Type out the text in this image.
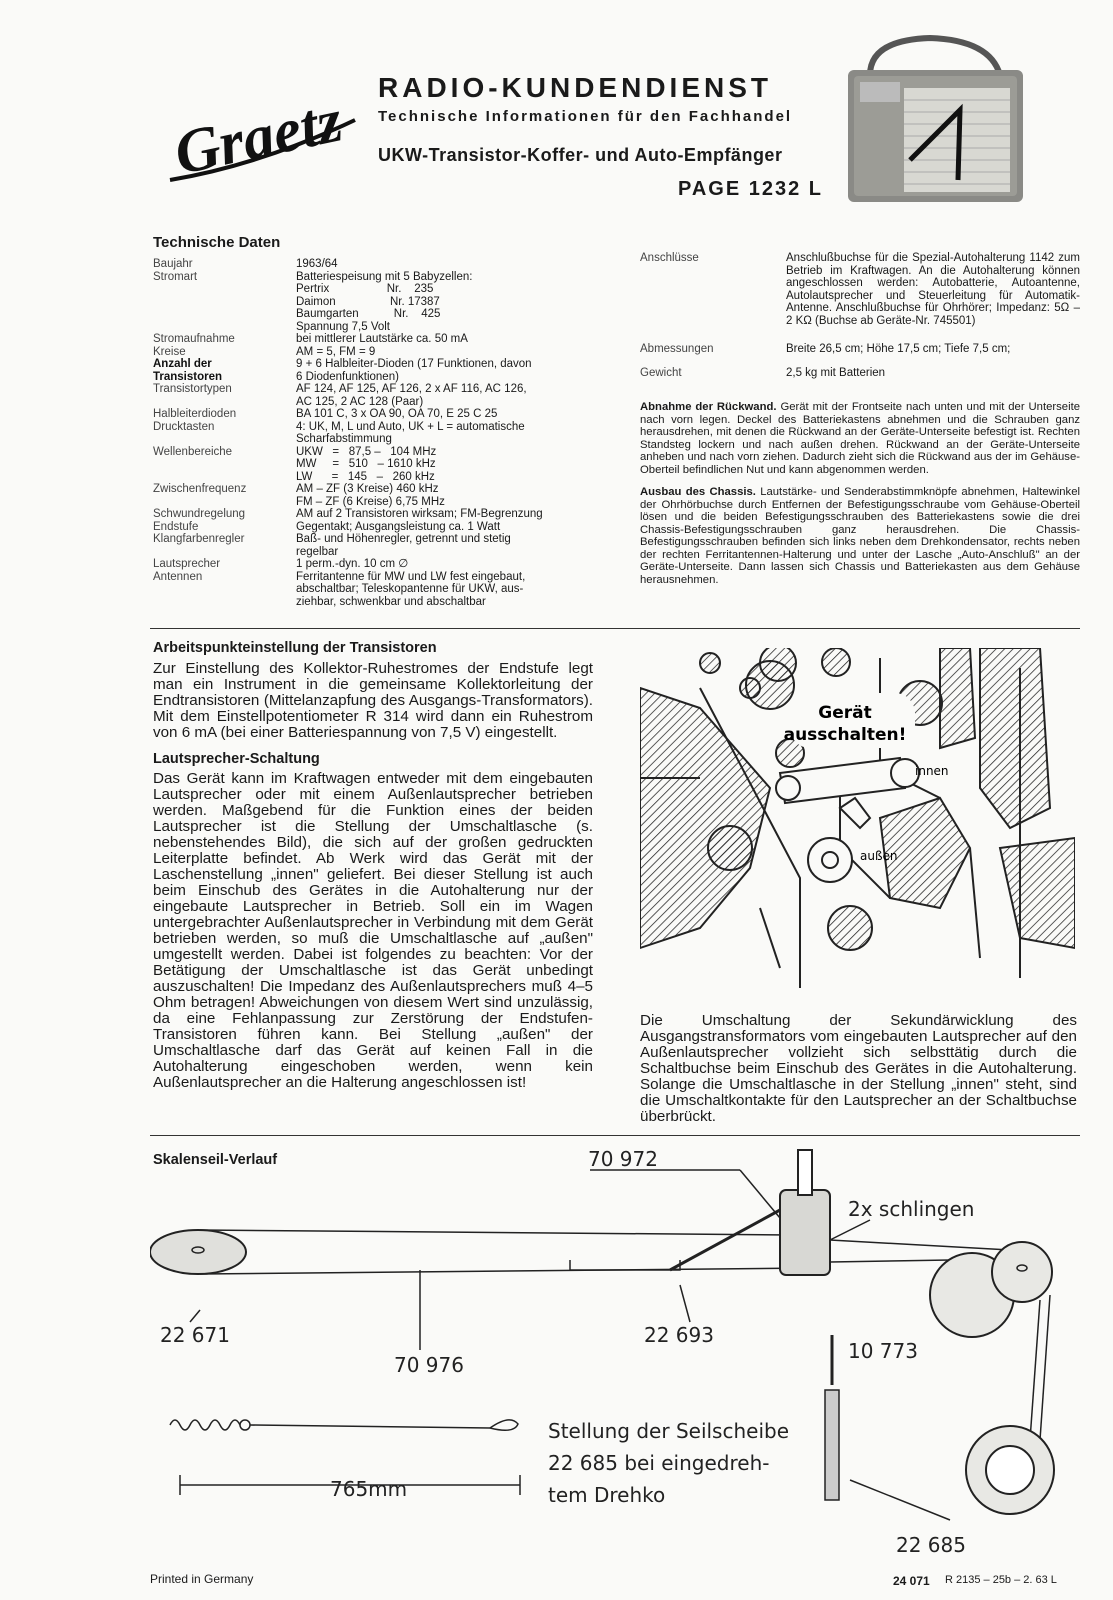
Graetz RADIO-KUNDENDIENST
Technische Informationen für den Fachhandel
UKW-Transistor-Koffer- und Auto-Empfänger
PAGE 1232 L
Technische Daten
Baujahr	1963/64
Stromart	Batteriespeisung mit 5 Babyzellen:
Pertrix                  Nr.    235
Daimon                 Nr. 17387
Baumgarten           Nr.    425
Spannung 7,5 Volt
Stromaufnahme	bei mittlerer Lautstärke ca. 50 mA
Kreise	AM = 5, FM = 9
Anzahl der	9 + 6 Halbleiter-Dioden (17 Funktionen, davon
Transistoren	6 Diodenfunktionen)
Transistortypen	AF 124, AF 125, AF 126, 2 x AF 116, AC 126,
AC 125, 2 AC 128 (Paar)
Halbleiterdioden	BA 101 C, 3 x OA 90, OA 70, E 25 C 25
Drucktasten	4: UK, M, L und Auto, UK + L = automatische
Scharfabstimmung
Wellenbereiche	UKW   =   87,5 –   104 MHz
MW     =   510   – 1610 kHz
LW      =   145   –   260 kHz
Zwischenfrequenz	AM – ZF (3 Kreise) 460 kHz
FM – ZF (6 Kreise) 6,75 MHz
Schwundregelung	AM auf 2 Transistoren wirksam; FM-Begrenzung
Endstufe	Gegentakt; Ausgangsleistung ca. 1 Watt
Klangfarbenregler	Baß- und Höhenregler, getrennt und stetig
regelbar
Lautsprecher	1 perm.-dyn. 10 cm ∅
Antennen	Ferritantenne für MW und LW fest eingebaut,
abschaltbar; Teleskopantenne für UKW, aus-
ziehbar, schwenkbar und abschaltbar
Anschlüsse	Anschlußbuchse für die Spezial-Autohalterung 1142 zum Betrieb im Kraftwagen. An die Autohalterung können angeschlossen werden: Autobatterie, Autoantenne, Autolautsprecher und Steuerleitung für Automatik-Antenne. Anschlußbuchse für Ohrhörer; Impedanz: 5Ω – 2 KΩ (Buchse ab Geräte-Nr. 745501)
Abmessungen	Breite 26,5 cm; Höhe 17,5 cm; Tiefe 7,5 cm;
Gewicht	2,5 kg mit Batterien
Abnahme der Rückwand. Gerät mit der Frontseite nach unten und mit der Unterseite nach vorn legen. Deckel des Batteriekastens abnehmen und die Schrauben ganz herausdrehen, mit denen die Rückwand an der Geräte-Unterseite befestigt ist. Rechten Standsteg lockern und nach außen drehen. Rückwand an der Geräte-Unterseite anheben und nach vorn ziehen. Dadurch zieht sich die Rückwand aus der im Gehäuse-Oberteil befindlichen Nut und kann abgenommen werden.
Ausbau des Chassis. Lautstärke- und Senderabstimmknöpfe abnehmen, Haltewinkel der Ohrhörbuchse durch Entfernen der Befestigungsschraube vom Gehäuse-Oberteil lösen und die beiden Befestigungsschrauben des Batteriekastens sowie die drei Chassis-Befestigungsschrauben ganz herausdrehen. Die Chassis-Befestigungsschrauben befinden sich links neben dem Drehkondensator, rechts neben der rechten Ferritantennen-Halterung und unter der Lasche „Auto-Anschluß" an der Geräte-Unterseite. Dann lassen sich Chassis und Batteriekasten aus dem Gehäuse herausnehmen.
Arbeitspunkteinstellung der Transistoren
Zur Einstellung des Kollektor-Ruhestromes der Endstufe legt man ein Instrument in die gemeinsame Kollektorleitung der Endtransistoren (Mittelanzapfung des Ausgangs-Transformators). Mit dem Einstellpotentiometer R 314 wird dann ein Ruhestrom von 6 mA (bei einer Batteriespannung von 7,5 V) eingestellt.
Lautsprecher-Schaltung
Das Gerät kann im Kraftwagen entweder mit dem eingebauten Lautsprecher oder mit einem Außenlautsprecher betrieben werden. Maßgebend für die Funktion eines der beiden Lautsprecher ist die Stellung der Umschaltlasche (s. nebenstehendes Bild), die sich auf der großen gedruckten Leiterplatte befindet. Ab Werk wird das Gerät mit der Laschenstellung „innen" geliefert. Bei dieser Stellung ist auch beim Einschub des Gerätes in die Autohalterung nur der eingebaute Lautsprecher in Betrieb. Soll ein im Wagen untergebrachter Außenlautsprecher in Verbindung mit dem Gerät betrieben werden, so muß die Umschaltlasche auf „außen" umgestellt werden. Dabei ist folgendes zu beachten: Vor der Betätigung der Umschaltlasche ist das Gerät unbedingt auszuschalten! Die Impedanz des Außenlautsprechers muß 4–5 Ohm betragen! Abweichungen von diesem Wert sind unzulässig, da eine Fehlanpassung zur Zerstörung der Endstufen-Transistoren führen kann. Bei Stellung „außen" der Umschaltlasche darf das Gerät auf keinen Fall in die Autohalterung eingeschoben werden, wenn kein Außenlautsprecher an die Halterung angeschlossen ist!
Gerät
ausschalten!
innen
außen
Die Umschaltung der Sekundärwicklung des Ausgangstransformators vom eingebauten Lautsprecher auf den Außenlautsprecher vollzieht sich selbsttätig durch die Schaltbuchse beim Einschub des Gerätes in die Autohalterung. Solange die Umschaltlasche in der Stellung „innen" steht, sind die Umschaltkontakte für den Lautsprecher an der Schaltbuchse überbrückt.
Skalenseil-Verlauf	70 972
2x schlingen
22 671	22 693
10 773
70 976
Stellung der Seilscheibe
22 685 bei eingedreh-
tem Drehko
765mm
22 685
Printed in Germany	24 071 R 2135 – 25b – 2. 63 L
